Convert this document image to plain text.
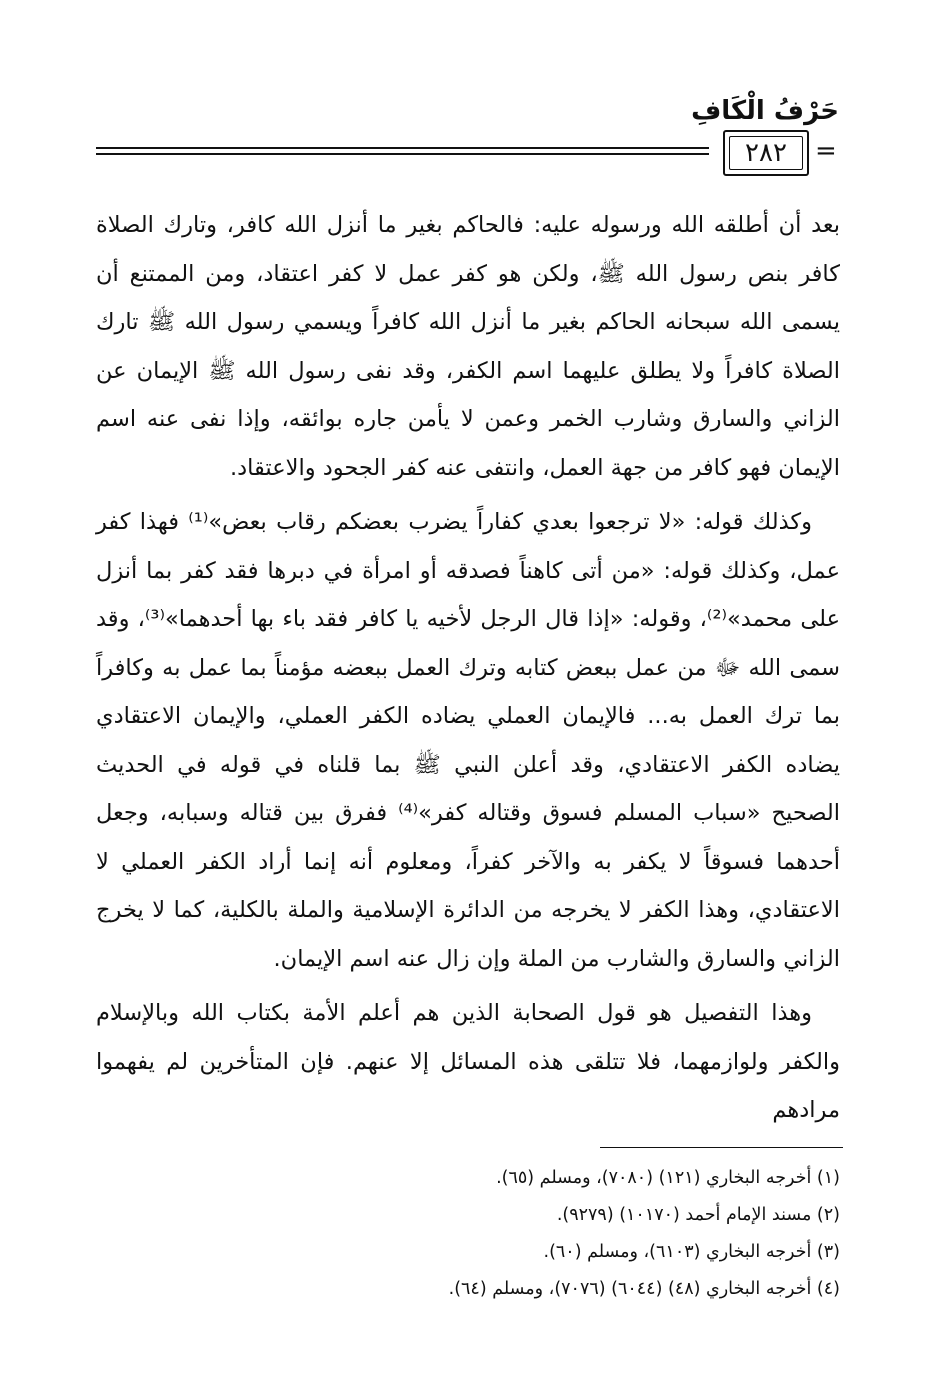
حَرْفُ الْكَافِ
٢٨٢ =

بعد أن أطلقه الله ورسوله عليه: فالحاكم بغير ما أنزل الله كافر، وتارك الصلاة كافر بنص رسول الله ﷺ، ولكن هو كفر عمل لا كفر اعتقاد، ومن الممتنع أن يسمى الله سبحانه الحاكم بغير ما أنزل الله كافراً ويسمي رسول الله ﷺ تارك الصلاة كافراً ولا يطلق عليهما اسم الكفر، وقد نفى رسول الله ﷺ الإيمان عن الزاني والسارق وشارب الخمر وعمن لا يأمن جاره بوائقه، وإذا نفى عنه اسم الإيمان فهو كافر من جهة العمل، وانتفى عنه كفر الجحود والاعتقاد.

وكذلك قوله: «لا ترجعوا بعدي كفاراً يضرب بعضكم رقاب بعض»⁽¹⁾ فهذا كفر عمل، وكذلك قوله: «من أتى كاهناً فصدقه أو امرأة في دبرها فقد كفر بما أنزل على محمد»⁽²⁾، وقوله: «إذا قال الرجل لأخيه يا كافر فقد باء بها أحدهما»⁽³⁾، وقد سمى الله ﷻ من عمل ببعض كتابه وترك العمل ببعضه مؤمناً بما عمل به وكافراً بما ترك العمل به... فالإيمان العملي يضاده الكفر العملي، والإيمان الاعتقادي يضاده الكفر الاعتقادي، وقد أعلن النبي ﷺ بما قلناه في قوله في الحديث الصحيح «سباب المسلم فسوق وقتاله كفر»⁽⁴⁾ ففرق بين قتاله وسبابه، وجعل أحدهما فسوقاً لا يكفر به والآخر كفراً، ومعلوم أنه إنما أراد الكفر العملي لا الاعتقادي، وهذا الكفر لا يخرجه من الدائرة الإسلامية والملة بالكلية، كما لا يخرج الزاني والسارق والشارب من الملة وإن زال عنه اسم الإيمان.

وهذا التفصيل هو قول الصحابة الذين هم أعلم الأمة بكتاب الله وبالإسلام والكفر ولوازمهما، فلا تتلقى هذه المسائل إلا عنهم. فإن المتأخرين لم يفهموا مرادهم

(١) أخرجه البخاري (١٢١) (٧٠٨٠)، ومسلم (٦٥).
(٢) مسند الإمام أحمد (١٠١٧٠) (٩٢٧٩).
(٣) أخرجه البخاري (٦١٠٣)، ومسلم (٦٠).
(٤) أخرجه البخاري (٤٨) (٦٠٤٤) (٧٠٧٦)، ومسلم (٦٤).
